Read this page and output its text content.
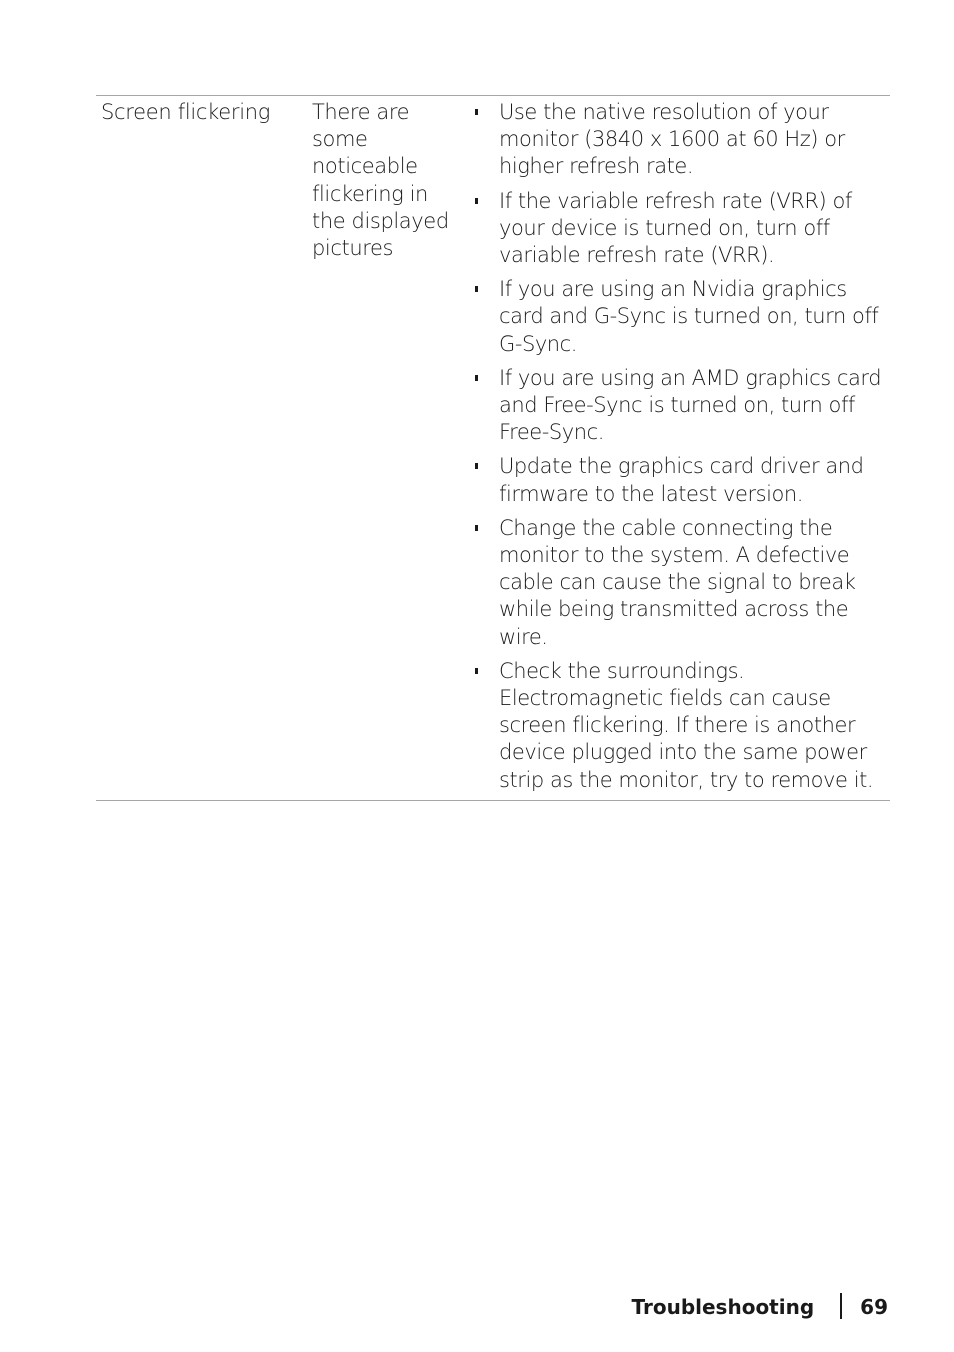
Screen flickering	There are some noticeable flickering in the displayed pictures
Use the native resolution of your monitor (3840 x 1600 at 60 Hz) or higher refresh rate.
If the variable refresh rate (VRR) of your device is turned on, turn off variable refresh rate (VRR).
If you are using an Nvidia graphics card and G-Sync is turned on, turn off G-Sync.
If you are using an AMD graphics card and Free-Sync is turned on, turn off Free-Sync.
Update the graphics card driver and firmware to the latest version.
Change the cable connecting the monitor to the system. A defective cable can cause the signal to break while being transmitted across the wire.
Check the surroundings. Electromagnetic fields can cause screen flickering. If there is another device plugged into the same power strip as the monitor, try to remove it.
Troubleshooting 69
